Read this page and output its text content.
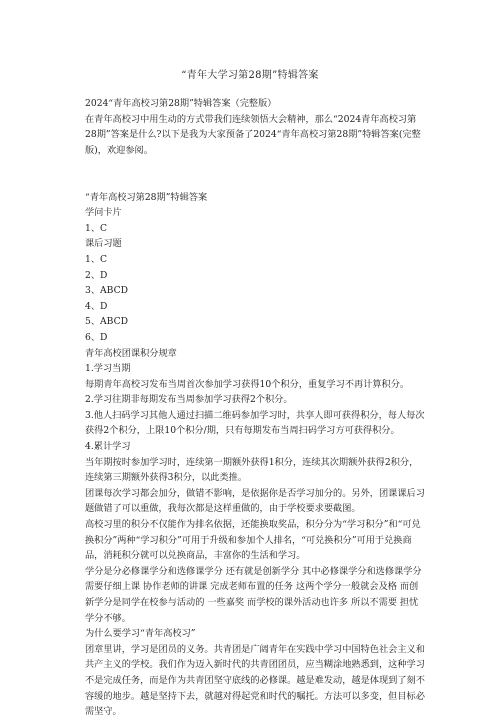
“青年大学习第28期”特辑答案

2024“青年高校习第28期”特辑答案（完整版）

在青年高校习中用生动的方式带我们连续领悟大会精神，那么“2024青年高校习第28期”答案是什么?以下是我为大家预备了2024“青年高校习第28期”特辑答案(完整版)，欢迎参阅。

“青年高校习第28期”特辑答案

学问卡片

1、C

课后习题

1、C

2、D

3、ABCD

4、D

5、ABCD

6、D

青年高校团课积分规章

1.学习当期

每期青年高校习发布当周首次参加学习获得10个积分，重复学习不再计算积分。

2.学习往期非每期发布当周参加学习获得2个积分。

3.他人扫码学习其他人通过扫描二维码参加学习时，共享人即可获得积分，每人每次获得2个积分，上限10个积分/期，只有每期发布当周扫码学习方可获得积分。

4.累计学习

当年期按时参加学习时，连续第一期额外获得1积分，连续其次期额外获得2积分，连续第三期额外获得3积分，以此类推。

团课每次学习都会加分，做错不影响，是依据你是否学习加分的。另外，团课课后习题做错了可以重做，我每次都是这样重做的，由于学校要求要截图。

高校习里的积分不仅能作为排名依据，还能换取奖品，积分分为“学习积分”和“可兑换积分”两种“学习积分”可用于升级和参加个人排名，“可兑换积分”可用于兑换商品，消耗积分就可以兑换商品，丰富你的生活和学习。

学分是分必修课学分和选修课学分 还有就是创新学分 其中必修课学分和选修课学分 需要仔细上课 协作老师的讲课 完成老师布置的任务 这两个学分一般就会及格 而创新学分是同学在校参与活动的 一些嘉奖 而学校的课外活动也许多 所以不需要 担忧学分不够。

为什么要学习“青年高校习”

团章里讲，学习是团员的义务。共青团是广阔青年在实践中学习中国特色社会主义和共产主义的学校。我们作为迈入新时代的共青团团员，应当糊涂地熟悉到，这种学习不是完成任务，而是作为共青团坚守底线的必修课。越是难发动，越是体现到了刻不容缓的地步。越是坚持下去，就越对得起党和时代的嘱托。方法可以多变，但目标必需坚守。
